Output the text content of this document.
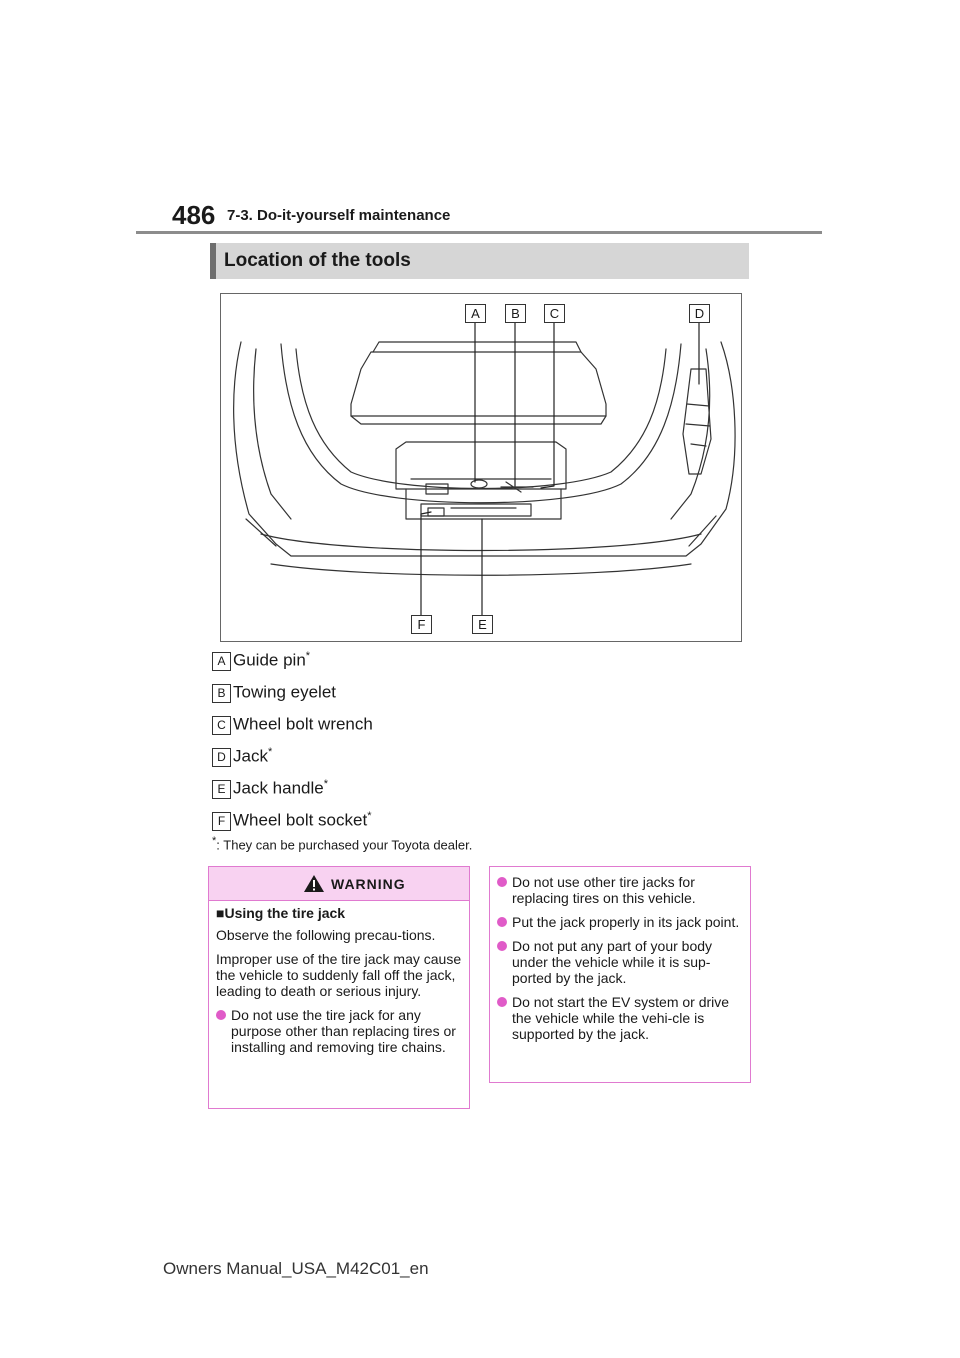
486 7-3. Do-it-yourself maintenance
Location of the tools
A	B	C	D
F	E
A Guide pin*
B Towing eyelet
C Wheel bolt wrench
D Jack*
E Jack handle*
F Wheel bolt socket*
*: They can be purchased your Toyota dealer.
WARNING
■Using the tire jack
Observe the following precau-tions.
Improper use of the tire jack may cause the vehicle to suddenly fall off the jack, leading to death or serious injury.
Do not use the tire jack for any purpose other than replacing tires or installing and removing tire chains.
Do not use other tire jacks for replacing tires on this vehicle.
Put the jack properly in its jack point.
Do not put any part of your body under the vehicle while it is sup-ported by the jack.
Do not start the EV system or drive the vehicle while the vehi-cle is supported by the jack.
Owners Manual_USA_M42C01_en
